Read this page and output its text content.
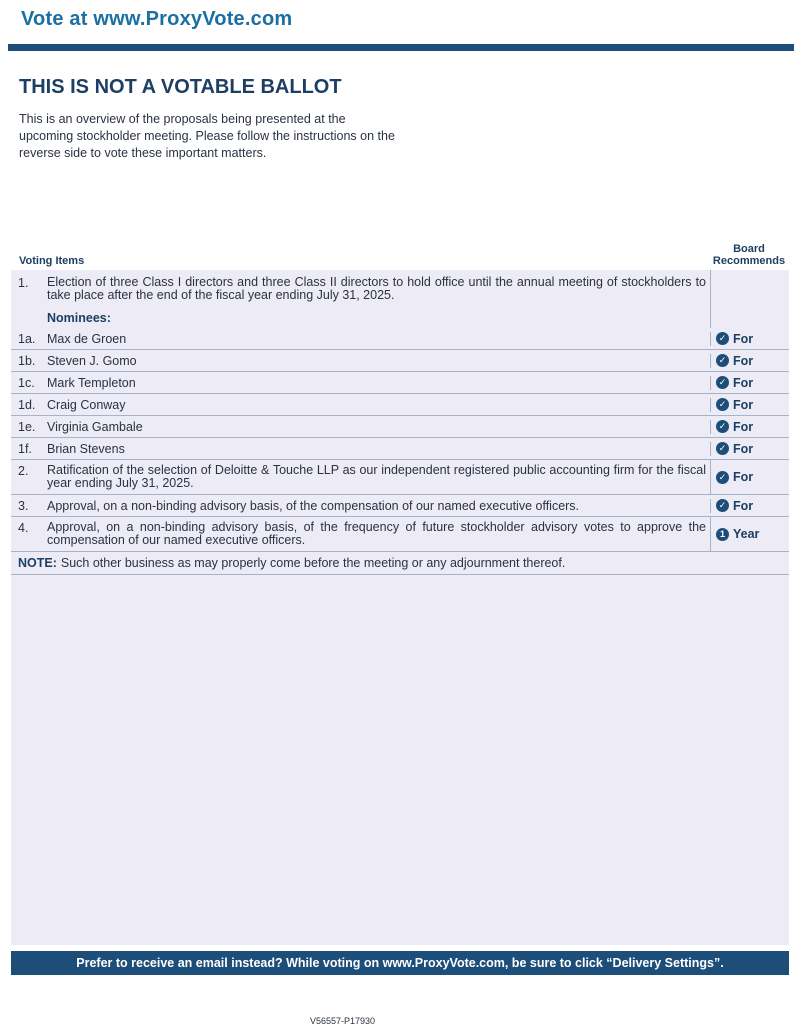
Vote at www.ProxyVote.com
THIS IS NOT A VOTABLE BALLOT
This is an overview of the proposals being presented at the upcoming stockholder meeting. Please follow the instructions on the reverse side to vote these important matters.
Voting Items
Board
Recommends
1.	Election of three Class I directors and three Class II directors to hold office until the annual meeting of stockholders to take place after the end of the fiscal year ending July 31, 2025.
Nominees:
1a. Max de Groen	✓ For
1b. Steven J. Gomo	✓ For
1c. Mark Templeton	✓ For
1d. Craig Conway	✓ For
1e. Virginia Gambale	✓ For
1f.	Brian Stevens	✓ For
2.	Ratification of the selection of Deloitte & Touche LLP as our independent registered public accounting firm for the fiscal year ending July 31, 2025.	✓ For
3.	Approval, on a non-binding advisory basis, of the compensation of our named executive officers.	✓ For
4.	Approval, on a non-binding advisory basis, of the frequency of future stockholder advisory votes to approve the compensation of our named executive officers.	1 Year
NOTE: Such other business as may properly come before the meeting or any adjournment thereof.
Prefer to receive an email instead? While voting on www.ProxyVote.com, be sure to click “Delivery Settings”.
V56557-P17930
